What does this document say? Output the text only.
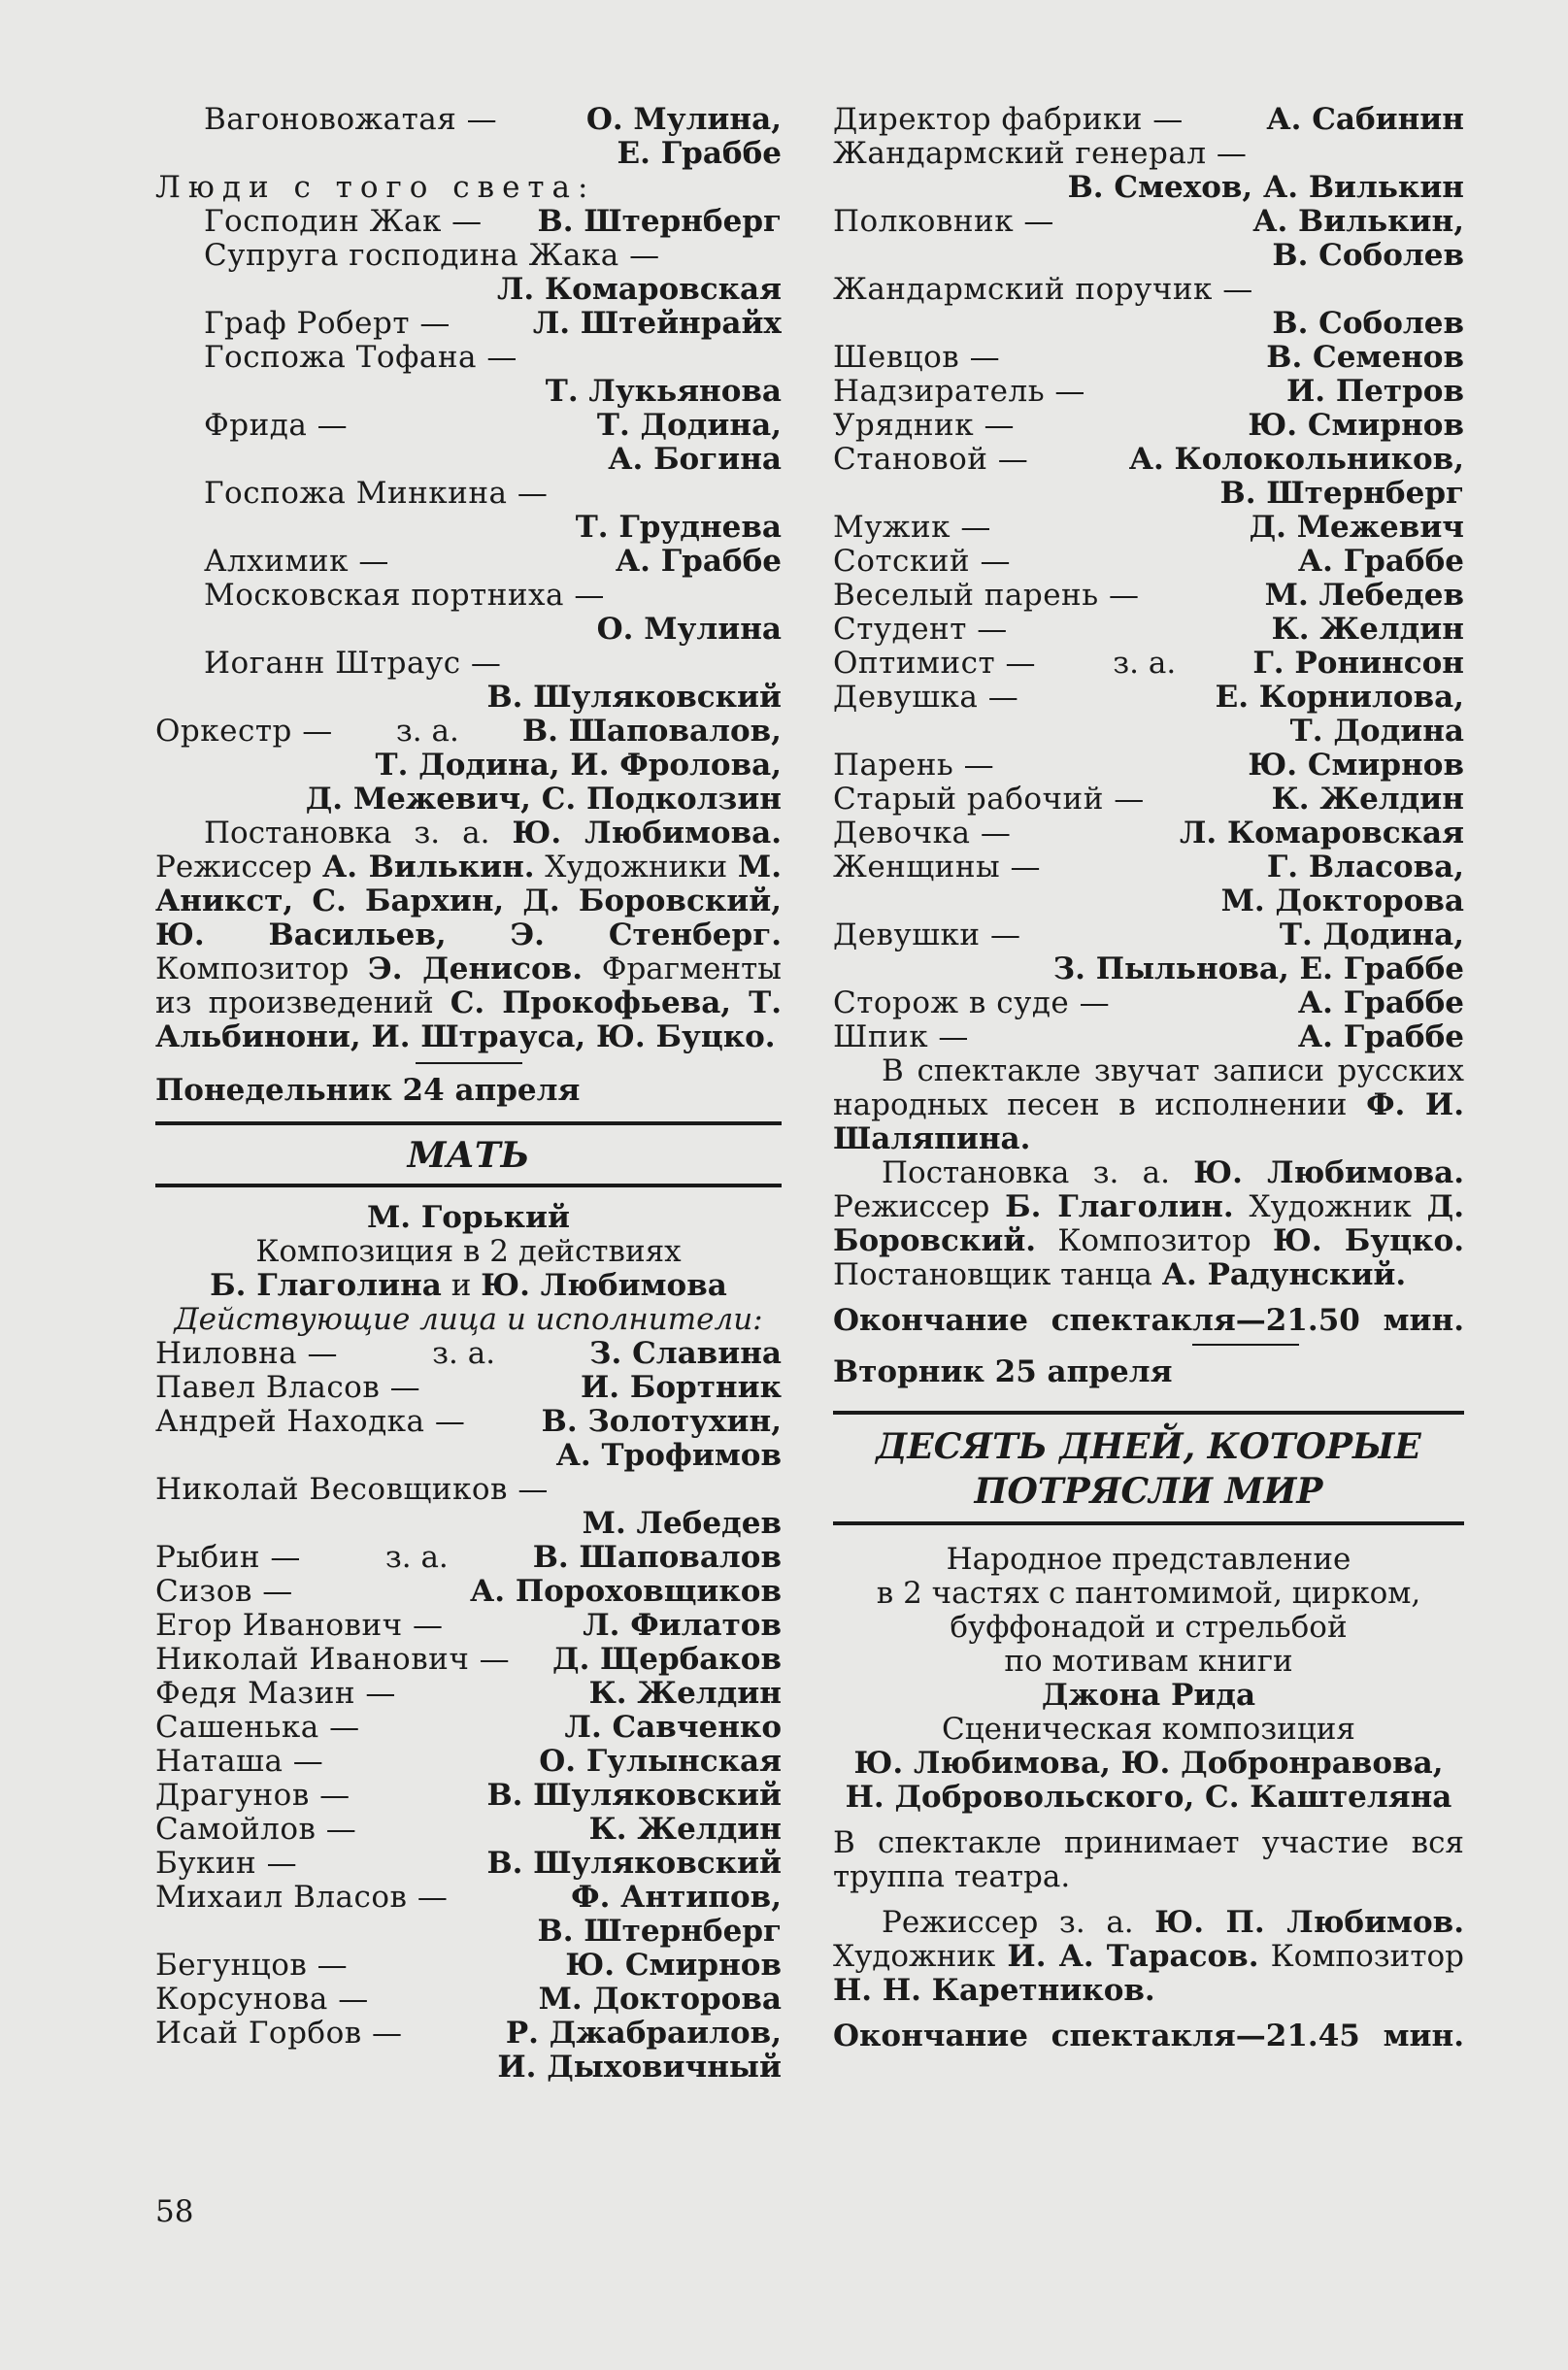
Вагоновожатая —	О. Мулина,
Е. Граббе
Люди с того света:
Господин Жак — В. Штернберг
Супруга господина Жака —
Л. Комаровская
Граф Роберт —	Л. Штейнрайх
Госпожа Тофана —
Т. Лукьянова
Фрида —	Т. Додина,
А. Богина
Госпожа Минкина —
Т. Груднева
Алхимик —	А. Граббе
Московская портниха —
О. Мулина
Иоганн Штраус —
В. Шуляковский
Оркестр — з. а. В. Шаповалов,
Т. Додина, И. Фролова,
Д. Межевич, С. Подколзин
Постановка з. а. Ю. Любимова. Режиссер А. Вилькин. Художники М. Аникст, С. Бархин, Д. Боровский, Ю. Васильев, Э. Стенберг. Композитор Э. Денисов. Фрагменты из произведений С. Прокофьева, Т. Альбинони, И. Штрауса, Ю. Буцко.
Понедельник 24 апреля
МАТЬ
М. Горький
Композиция в 2 действиях
Б. Глаголина и Ю. Любимова
Действующие лица и исполнители:
Ниловна —	з. а.	З. Славина
Павел Власов —	И. Бортник
Андрей Находка —	В. Золотухин,
А. Трофимов
Николай Весовщиков —
М. Лебедев
Рыбин —	з. а.	В. Шаповалов
Сизов —	А. Пороховщиков
Егор Иванович —	Л. Филатов
Николай Иванович — Д. Щербаков
Федя Мазин —	К. Желдин
Сашенька —	Л. Савченко
Наташа —	О. Гулынская
Драгунов —	В. Шуляковский
Самойлов —	К. Желдин
Букин —	В. Шуляковский
Михаил Власов —	Ф. Антипов,
В. Штернберг
Бегунцов —	Ю. Смирнов
Корсунова —	М. Докторова
Исай Горбов —	Р. Джабраилов,
И. Дыховичный
Директор фабрики —	А. Сабинин
Жандармский генерал —
В. Смехов, А. Вилькин
Полковник —	А. Вилькин,
В. Соболев
Жандармский поручик —
В. Соболев
Шевцов —	В. Семенов
Надзиратель —	И. Петров
Урядник —	Ю. Смирнов
Становой —	А. Колокольников,
В. Штернберг
Мужик —	Д. Межевич
Сотский —	А. Граббе
Веселый парень —	М. Лебедев
Студент —	К. Желдин
Оптимист —	з. а.	Г. Ронинсон
Девушка —	Е. Корнилова,
Т. Додина
Парень —	Ю. Смирнов
Старый рабочий —	К. Желдин
Девочка —	Л. Комаровская
Женщины —	Г. Власова,
М. Докторова
Девушки —	Т. Додина,
З. Пыльнова, Е. Граббе
Сторож в суде —	А. Граббе
Шпик —	А. Граббе
В спектакле звучат записи русских народных песен в исполнении Ф. И. Шаляпина.
Постановка з. а. Ю. Любимова. Режиссер Б. Глаголин. Художник Д. Боровский. Композитор Ю. Буцко. Постановщик танца А. Радунский.
Окончание спектакля—21.50 мин.
Вторник 25 апреля
ДЕСЯТЬ ДНЕЙ, КОТОРЫЕ
ПОТРЯСЛИ МИР
Народное представление
в 2 частях с пантомимой, цирком,
буффонадой и стрельбой
по мотивам книги
Джона Рида
Сценическая композиция
Ю. Любимова, Ю. Добронравова,
Н. Добровольского, С. Каштеляна
В спектакле принимает участие вся труппа театра.
Режиссер з. а. Ю. П. Любимов. Художник И. А. Тарасов. Композитор Н. Н. Каретников.
Окончание спектакля—21.45 мин.
58
